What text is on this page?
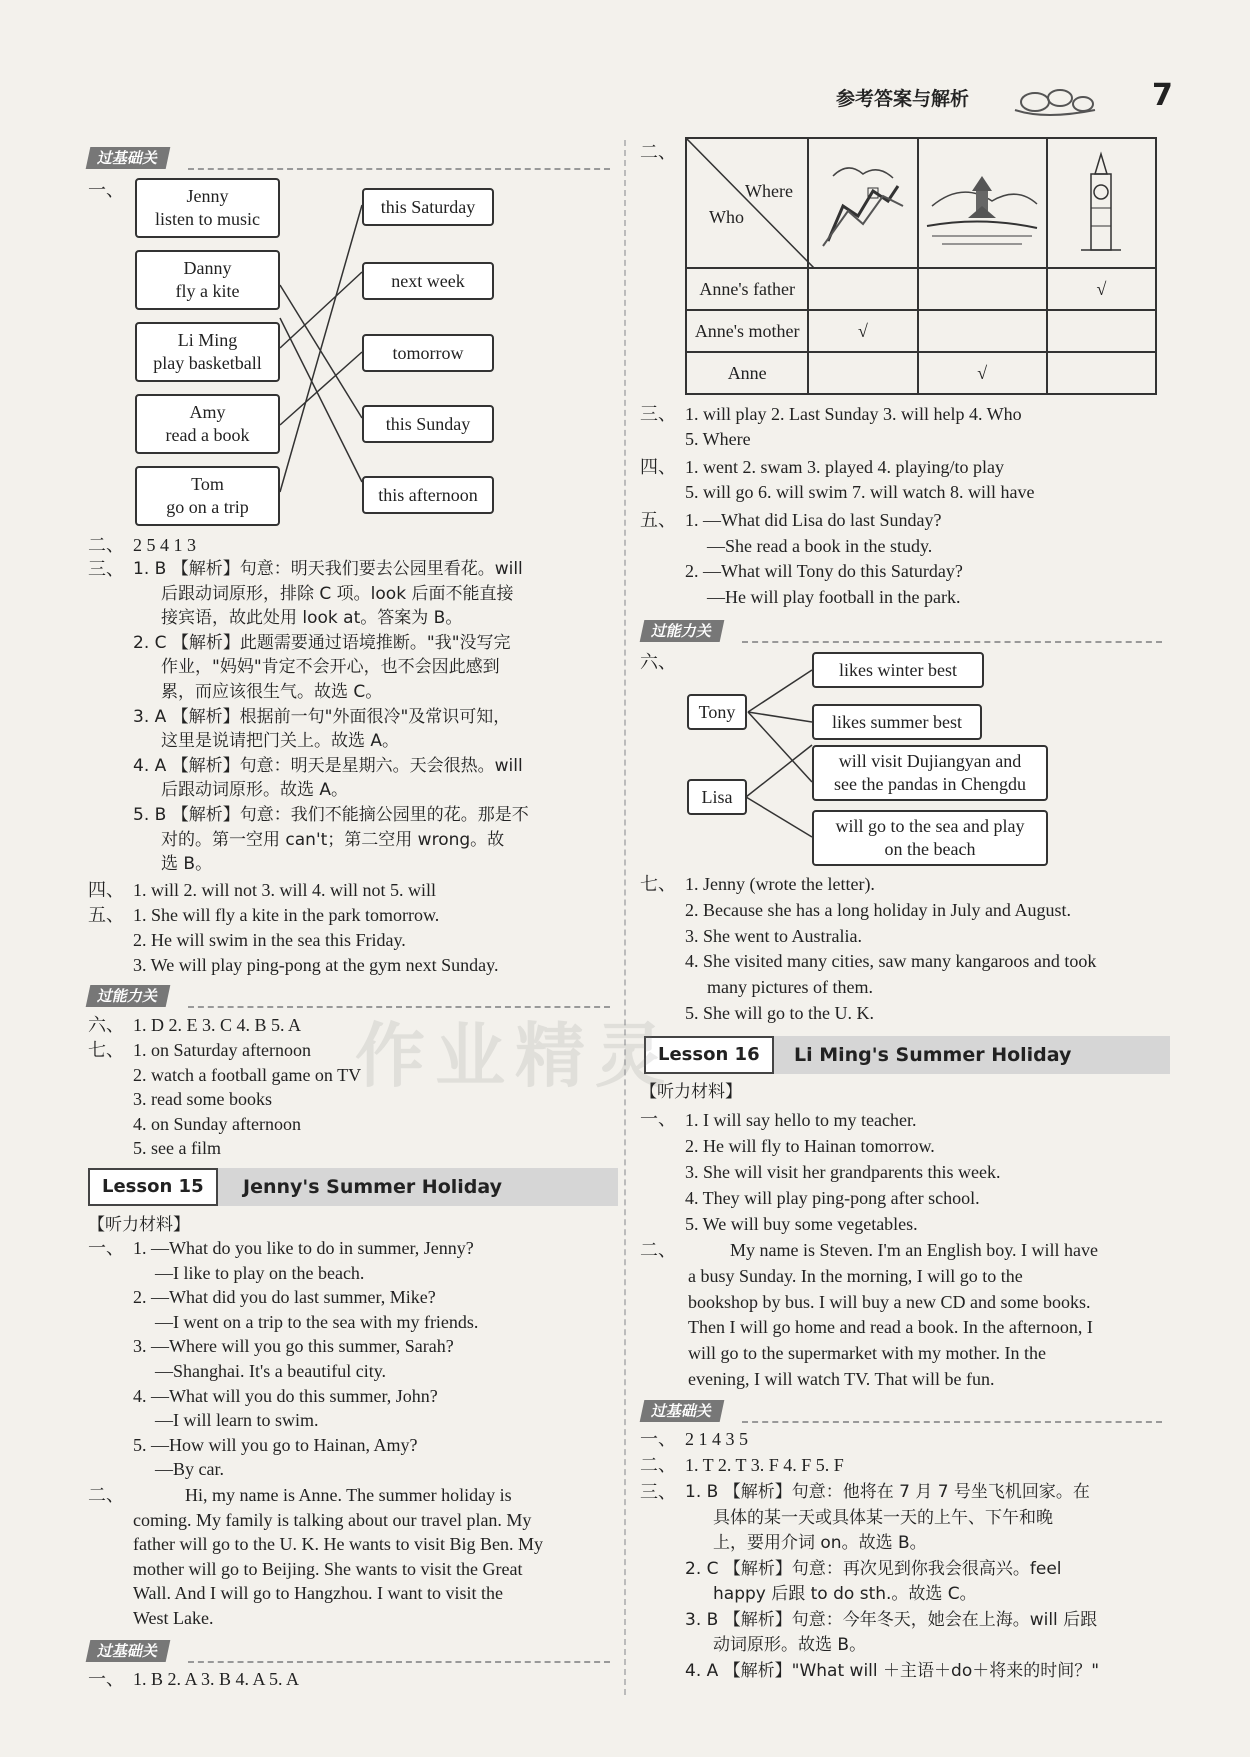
参考答案与解析	7
过基础关
一、	Jenny
listen to music
Danny
fly a kite
Li Ming
play basketball
Amy
read a book
Tom
go on a trip
this Saturday
next week
tomorrow
this Sunday
this afternoon
二、 2 5 4 1 3
三、 1. B 【解析】句意：明天我们要去公园里看花。will
后跟动词原形，排除 C 项。look 后面不能直接
接宾语，故此处用 look at。答案为 B。
2. C 【解析】此题需要通过语境推断。"我"没写完
作业，"妈妈"肯定不会开心，也不会因此感到
累，而应该很生气。故选 C。
3. A 【解析】根据前一句"外面很冷"及常识可知，
这里是说请把门关上。故选 A。
4. A 【解析】句意：明天是星期六。天会很热。will
后跟动词原形。故选 A。
5. B 【解析】句意：我们不能摘公园里的花。那是不
对的。第一空用 can't；第二空用 wrong。故
选 B。
四、 1. will 2. will not 3. will 4. will not 5. will
五、 1. She will fly a kite in the park tomorrow.
2. He will swim in the sea this Friday.
3. We will play ping-pong at the gym next Sunday.
过能力关
六、 1. D 2. E 3. C 4. B 5. A
七、 1. on Saturday afternoon
2. watch a football game on TV
3. read some books
4. on Sunday afternoon
5. see a film
Lesson 15	Jenny's Summer Holiday
【听力材料】
一、 1. —What do you like to do in summer, Jenny?
—I like to play on the beach.
2. —What did you do last summer, Mike?
—I went on a trip to the sea with my friends.
3. —Where will you go this summer, Sarah?
—Shanghai. It's a beautiful city.
4. —What will you do this summer, John?
—I will learn to swim.
5. —How will you go to Hainan, Amy?
—By car.
二、	Hi, my name is Anne. The summer holiday is
coming. My family is talking about our travel plan. My
father will go to the U. K. He wants to visit Big Ben. My
mother will go to Beijing. She wants to visit the Great
Wall. And I will go to Hangzhou. I want to visit the
West Lake.
过基础关
一、 1. B 2. A 3. B 4. A 5. A
二、
Where
Who

Anne's father			√
Anne's mother	√		
Anne		√	
三、 1. will play 2. Last Sunday 3. will help 4. Who
5. Where
四、 1. went 2. swam 3. played 4. playing/to play
5. will go 6. will swim 7. will watch 8. will have
五、 1. —What did Lisa do last Sunday?
—She read a book in the study.
2. —What will Tony do this Saturday?
—He will play football in the park.
过能力关
六、
Tony
Lisa
likes winter best
likes summer best
will visit Dujiangyan and
see the pandas in Chengdu
will go to the sea and play
on the beach
七、 1. Jenny (wrote the letter).
2. Because she has a long holiday in July and August.
3. She went to Australia.
4. She visited many cities, saw many kangaroos and took
many pictures of them.
5. She will go to the U. K.
Lesson 16	Li Ming's Summer Holiday
【听力材料】
一、 1. I will say hello to my teacher.
2. He will fly to Hainan tomorrow.
3. She will visit her grandparents this week.
4. They will play ping-pong after school.
5. We will buy some vegetables.
二、	My name is Steven. I'm an English boy. I will have
a busy Sunday. In the morning, I will go to the
bookshop by bus. I will buy a new CD and some books.
Then I will go home and read a book. In the afternoon, I
will go to the supermarket with my mother. In the
evening, I will watch TV. That will be fun.
过基础关
一、 2 1 4 3 5
二、 1. T 2. T 3. F 4. F 5. F
三、 1. B 【解析】句意：他将在 7 月 7 号坐飞机回家。在
具体的某一天或具体某一天的上午、下午和晚
上，要用介词 on。故选 B。
2. C 【解析】句意：再次见到你我会很高兴。feel
happy 后跟 to do sth.。故选 C。
3. B 【解析】句意：今年冬天，她会在上海。will 后跟
动词原形。故选 B。
4. A 【解析】"What will ＋主语＋do＋将来的时间？"
作业精灵
